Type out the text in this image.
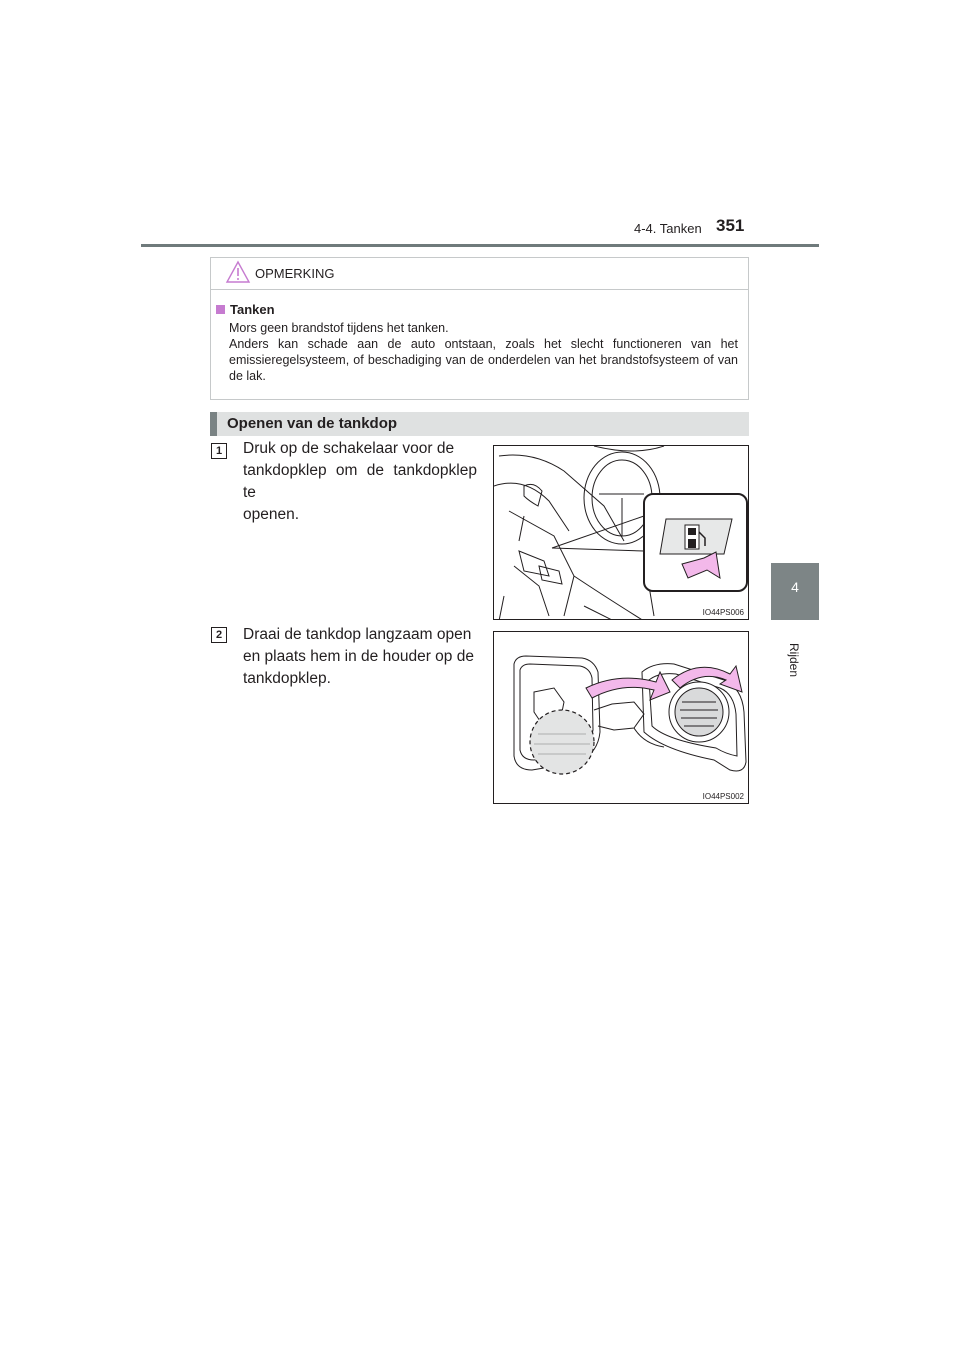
4-4. Tanken 351
4
Rijden
OPMERKING
Tanken

Mors geen brandstof tijdens het tanken.

Anders kan schade aan de auto ontstaan, zoals het slecht functioneren van het emissieregelsysteem, of beschadiging van de onderdelen van het brandstofsysteem of van de lak.

Openen van de tankdop
1	Druk op de schakelaar voor de
tankdopklep om de tankdopklep te
openen.
IO44PS006
2	Draai de tankdop langzaam open
en plaats hem in de houder op de
tankdopklep.
IO44PS002
